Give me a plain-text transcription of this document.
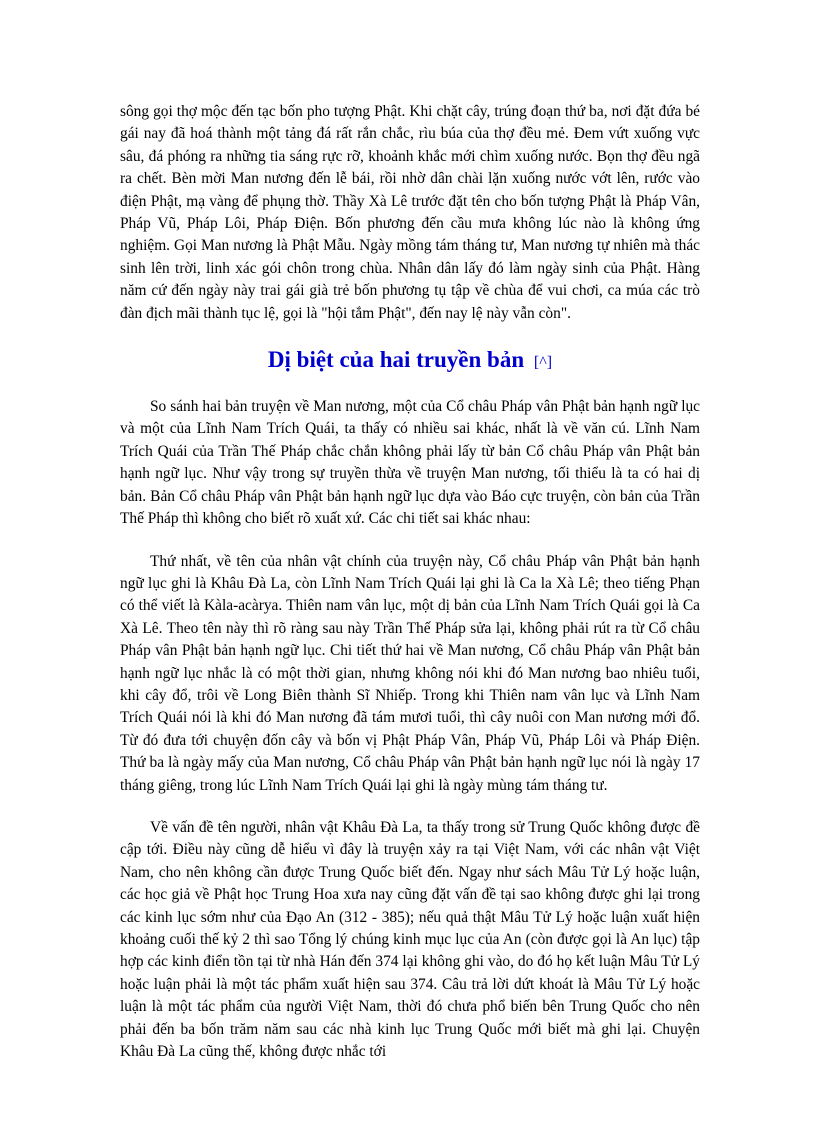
sông gọi thợ mộc đến tạc bốn pho tượng Phật. Khi chặt cây, trúng đoạn thứ ba, nơi đặt đứa bé gái nay đã hoá thành một tảng đá rất rắn chắc, rìu búa của thợ đều mẻ. Đem vứt xuống vực sâu, đá phóng ra những tia sáng rực rỡ, khoảnh khắc mới chìm xuống nước. Bọn thợ đều ngã ra chết. Bèn mời Man nương đến lễ bái, rồi nhờ dân chài lặn xuống nước vớt lên, rước vào điện Phật, mạ vàng để phụng thờ. Thầy Xà Lê trước đặt tên cho bốn tượng Phật là Pháp Vân, Pháp Vũ, Pháp Lôi, Pháp Điện. Bốn phương đến cầu mưa không lúc nào là không ứng nghiệm. Gọi Man nương là Phật Mẫu. Ngày mồng tám tháng tư, Man nương tự nhiên mà thác sinh lên trời, linh xác gói chôn trong chùa. Nhân dân lấy đó làm ngày sinh của Phật. Hàng năm cứ đến ngày này trai gái già trẻ bốn phương tụ tập về chùa để vui chơi, ca múa các trò đàn địch mãi thành tục lệ, gọi là "hội tắm Phật", đến nay lệ này vẫn còn".

Dị biệt của hai truyền bản [^]

So sánh hai bản truyện về Man nương, một của Cổ châu Pháp vân Phật bản hạnh ngữ lục và một của Lĩnh Nam Trích Quái, ta thấy có nhiều sai khác, nhất là về văn cú. Lĩnh Nam Trích Quái của Trần Thế Pháp chắc chắn không phải lấy từ bản Cổ châu Pháp vân Phật bản hạnh ngữ lục. Như vậy trong sự truyền thừa về truyện Man nương, tối thiểu là ta có hai dị bản. Bản Cổ châu Pháp vân Phật bản hạnh ngữ lục dựa vào Báo cực truyện, còn bản của Trần Thế Pháp thì không cho biết rõ xuất xứ. Các chi tiết sai khác nhau:

Thứ nhất, về tên của nhân vật chính của truyện này, Cổ châu Pháp vân Phật bản hạnh ngữ lục ghi là Khâu Đà La, còn Lĩnh Nam Trích Quái lại ghi là Ca la Xà Lê; theo tiếng Phạn có thể viết là Kàla-acàrya. Thiên nam vân lục, một dị bản của Lĩnh Nam Trích Quái gọi là Ca Xà Lê. Theo tên này thì rõ ràng sau này Trần Thế Pháp sửa lại, không phải rút ra từ Cổ châu Pháp vân Phật bản hạnh ngữ lục. Chi tiết thứ hai về Man nương, Cổ châu Pháp vân Phật bản hạnh ngữ lục nhắc là có một thời gian, nhưng không nói khi đó Man nương bao nhiêu tuổi, khi cây đổ, trôi về Long Biên thành Sĩ Nhiếp. Trong khi Thiên nam vân lục và Lĩnh Nam Trích Quái nói là khi đó Man nương đã tám mươi tuổi, thì cây nuôi con Man nương mới đổ. Từ đó đưa tới chuyện đốn cây và bốn vị Phật Pháp Vân, Pháp Vũ, Pháp Lôi và Pháp Điện. Thứ ba là ngày mấy của Man nương, Cổ châu Pháp vân Phật bản hạnh ngữ lục nói là ngày 17 tháng giêng, trong lúc Lĩnh Nam Trích Quái lại ghi là ngày mùng tám tháng tư.

Về vấn đề tên người, nhân vật Khâu Đà La, ta thấy trong sử Trung Quốc không được đề cập tới. Điều này cũng dễ hiểu vì đây là truyện xảy ra tại Việt Nam, với các nhân vật Việt Nam, cho nên không cần được Trung Quốc biết đến. Ngay như sách Mâu Tử Lý hoặc luận, các học giả về Phật học Trung Hoa xưa nay cũng đặt vấn đề tại sao không được ghi lại trong các kinh lục sớm như của Đạo An (312 - 385); nếu quả thật Mâu Tử Lý hoặc luận xuất hiện khoảng cuối thế kỷ 2 thì sao Tổng lý chúng kinh mục lục của An (còn được gọi là An lục) tập hợp các kinh điển tồn tại từ nhà Hán đến 374 lại không ghi vào, do đó họ kết luận Mâu Tử Lý hoặc luận phải là một tác phẩm xuất hiện sau 374. Câu trả lời dứt khoát là Mâu Tử Lý hoặc luận là một tác phẩm của người Việt Nam, thời đó chưa phổ biến bên Trung Quốc cho nên phải đến ba bốn trăm năm sau các nhà kinh lục Trung Quốc mới biết mà ghi lại. Chuyện Khâu Đà La cũng thế, không được nhắc tới
